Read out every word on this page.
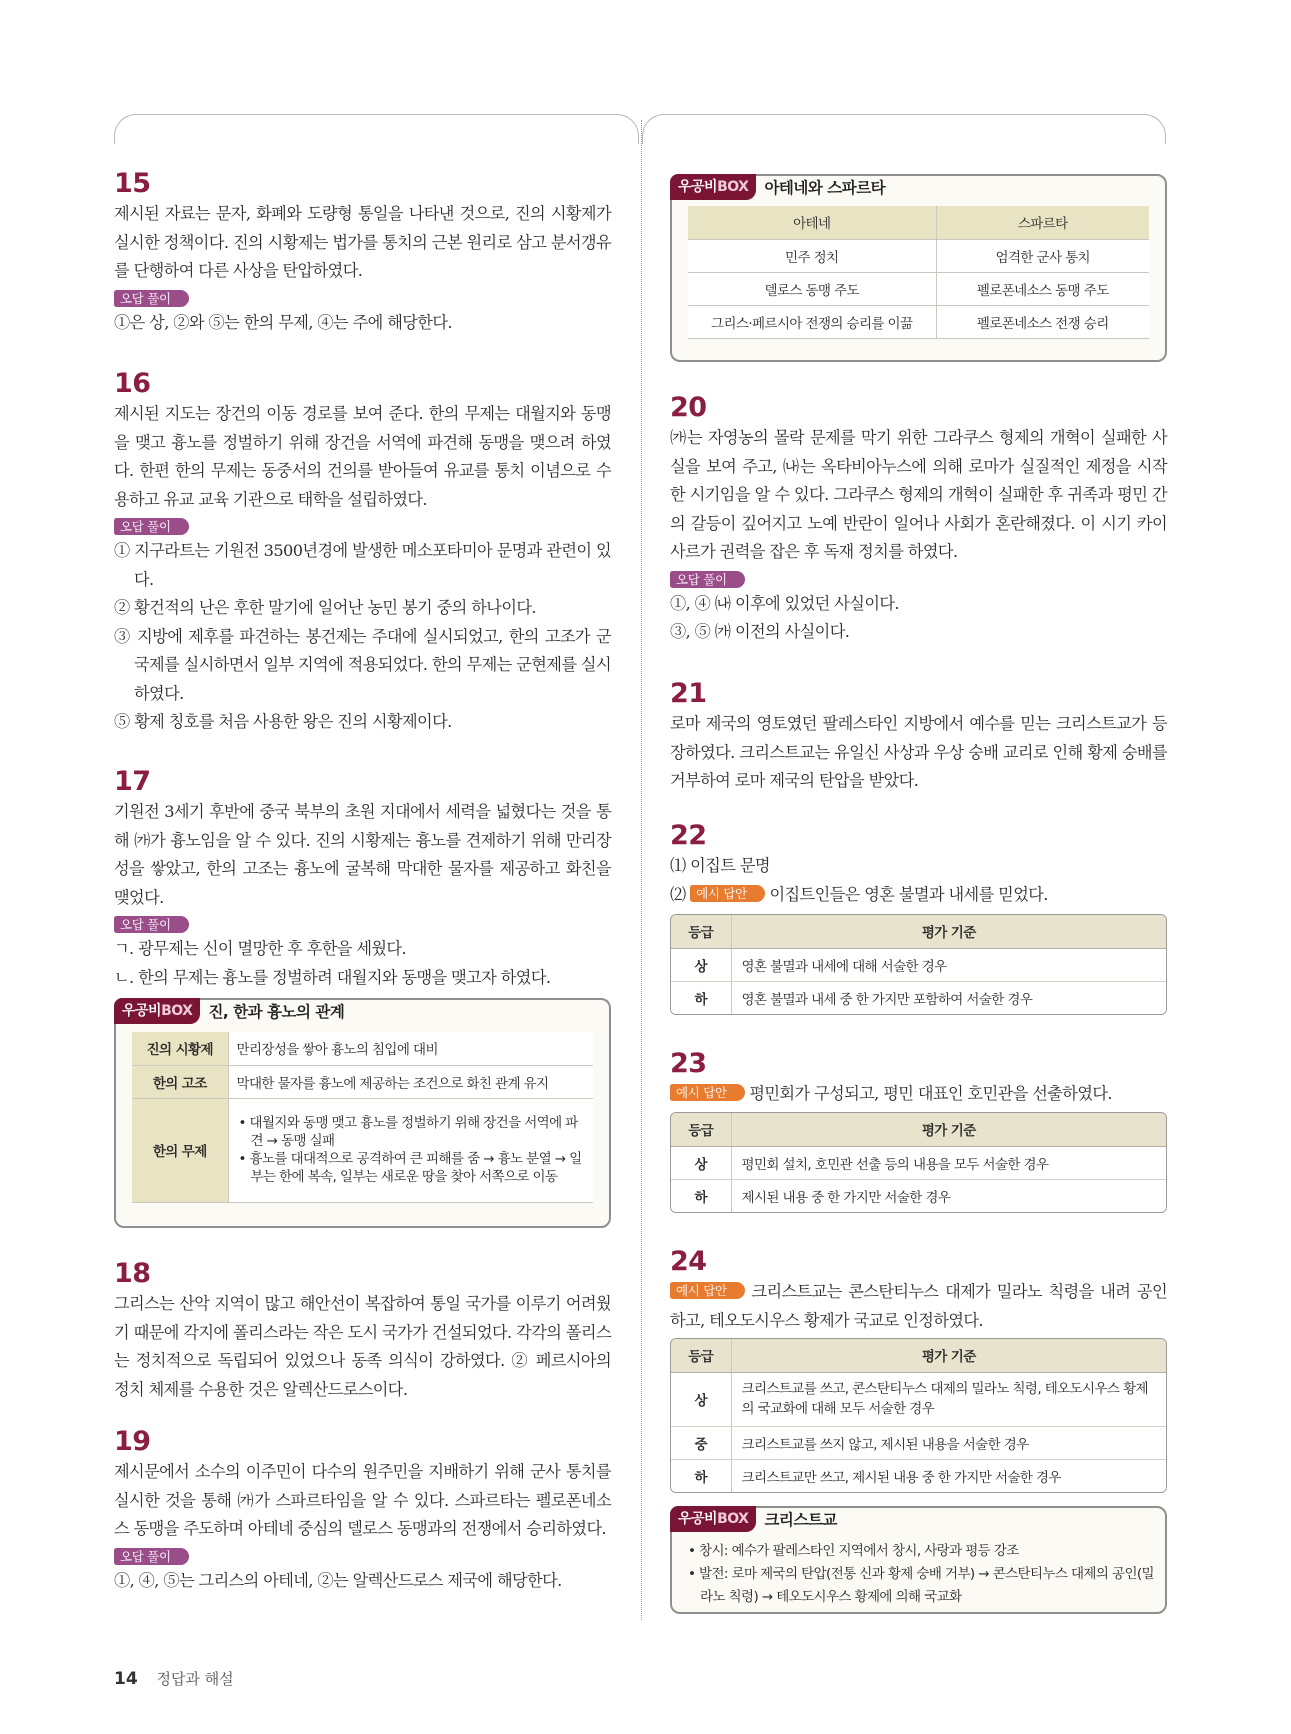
15
제시된 자료는 문자, 화폐와 도량형 통일을 나타낸 것으로, 진의 시황제가 실시한 정책이다. 진의 시황제는 법가를 통치의 근본 원리로 삼고 분서갱유를 단행하여 다른 사상을 탄압하였다.
오답 풀이
①은 상, ②와 ⑤는 한의 무제, ④는 주에 해당한다.
16
제시된 지도는 장건의 이동 경로를 보여 준다. 한의 무제는 대월지와 동맹을 맺고 흉노를 정벌하기 위해 장건을 서역에 파견해 동맹을 맺으려 하였다. 한편 한의 무제는 동중서의 건의를 받아들여 유교를 통치 이념으로 수용하고 유교 교육 기관으로 태학을 설립하였다.
오답 풀이
① 지구라트는 기원전 3500년경에 발생한 메소포타미아 문명과 관련이 있다.
② 황건적의 난은 후한 말기에 일어난 농민 봉기 중의 하나이다.
③ 지방에 제후를 파견하는 봉건제는 주대에 실시되었고, 한의 고조가 군국제를 실시하면서 일부 지역에 적용되었다. 한의 무제는 군현제를 실시하였다.
⑤ 황제 칭호를 처음 사용한 왕은 진의 시황제이다.
17
기원전 3세기 후반에 중국 북부의 초원 지대에서 세력을 넓혔다는 것을 통해 ㈎가 흉노임을 알 수 있다. 진의 시황제는 흉노를 견제하기 위해 만리장성을 쌓았고, 한의 고조는 흉노에 굴복해 막대한 물자를 제공하고 화친을 맺었다.
오답 풀이
ㄱ. 광무제는 신이 멸망한 후 후한을 세웠다.
ㄴ. 한의 무제는 흉노를 정벌하려 대월지와 동맹을 맺고자 하였다.
우공비BOX	진, 한과 흉노의 관계
진의 시황제	만리장성을 쌓아 흉노의 침입에 대비
한의 고조	막대한 물자를 흉노에 제공하는 조건으로 화친 관계 유지
한의 무제	• 대월지와 동맹 맺고 흉노를 정벌하기 위해 장건을 서역에 파견 → 동맹 실패
• 흉노를 대대적으로 공격하여 큰 피해를 줌 → 흉노 분열 → 일부는 한에 복속, 일부는 새로운 땅을 찾아 서쪽으로 이동
18
그리스는 산악 지역이 많고 해안선이 복잡하여 통일 국가를 이루기 어려웠기 때문에 각지에 폴리스라는 작은 도시 국가가 건설되었다. 각각의 폴리스는 정치적으로 독립되어 있었으나 동족 의식이 강하였다. ② 페르시아의 정치 체제를 수용한 것은 알렉산드로스이다.
19
제시문에서 소수의 이주민이 다수의 원주민을 지배하기 위해 군사 통치를 실시한 것을 통해 ㈎가 스파르타임을 알 수 있다. 스파르타는 펠로폰네소스 동맹을 주도하며 아테네 중심의 델로스 동맹과의 전쟁에서 승리하였다.
오답 풀이
①, ④, ⑤는 그리스의 아테네, ②는 알렉산드로스 제국에 해당한다.
우공비BOX	아테네와 스파르타
아테네	스파르타
민주 정치	엄격한 군사 통치
델로스 동맹 주도	펠로폰네소스 동맹 주도
그리스·페르시아 전쟁의 승리를 이끎	펠로폰네소스 전쟁 승리
20
㈎는 자영농의 몰락 문제를 막기 위한 그라쿠스 형제의 개혁이 실패한 사실을 보여 주고, ㈏는 옥타비아누스에 의해 로마가 실질적인 제정을 시작한 시기임을 알 수 있다. 그라쿠스 형제의 개혁이 실패한 후 귀족과 평민 간의 갈등이 깊어지고 노예 반란이 일어나 사회가 혼란해졌다. 이 시기 카이사르가 권력을 잡은 후 독재 정치를 하였다.
오답 풀이
①, ④ ㈏ 이후에 있었던 사실이다.
③, ⑤ ㈎ 이전의 사실이다.
21
로마 제국의 영토였던 팔레스타인 지방에서 예수를 믿는 크리스트교가 등장하였다. 크리스트교는 유일신 사상과 우상 숭배 교리로 인해 황제 숭배를 거부하여 로마 제국의 탄압을 받았다.
22
⑴ 이집트 문명
⑵ 예시 답안 이집트인들은 영혼 불멸과 내세를 믿었다.
등급	평가 기준
상	영혼 불멸과 내세에 대해 서술한 경우
하	영혼 불멸과 내세 중 한 가지만 포함하여 서술한 경우
23
예시 답안 평민회가 구성되고, 평민 대표인 호민관을 선출하였다.
등급	평가 기준
상	평민회 설치, 호민관 선출 등의 내용을 모두 서술한 경우
하	제시된 내용 중 한 가지만 서술한 경우
24
예시 답안 크리스트교는 콘스탄티누스 대제가 밀라노 칙령을 내려 공인하고, 테오도시우스 황제가 국교로 인정하였다.
등급	평가 기준
상	크리스트교를 쓰고, 콘스탄티누스 대제의 밀라노 칙령, 테오도시우스 황제의 국교화에 대해 모두 서술한 경우
중	크리스트교를 쓰지 않고, 제시된 내용을 서술한 경우
하	크리스트교만 쓰고, 제시된 내용 중 한 가지만 서술한 경우
우공비BOX	크리스트교
• 창시: 예수가 팔레스타인 지역에서 창시, 사랑과 평등 강조
• 발전: 로마 제국의 탄압(전통 신과 황제 숭배 거부) → 콘스탄티누스 대제의 공인(밀라노 칙령) → 테오도시우스 황제에 의해 국교화
14 정답과 해설
